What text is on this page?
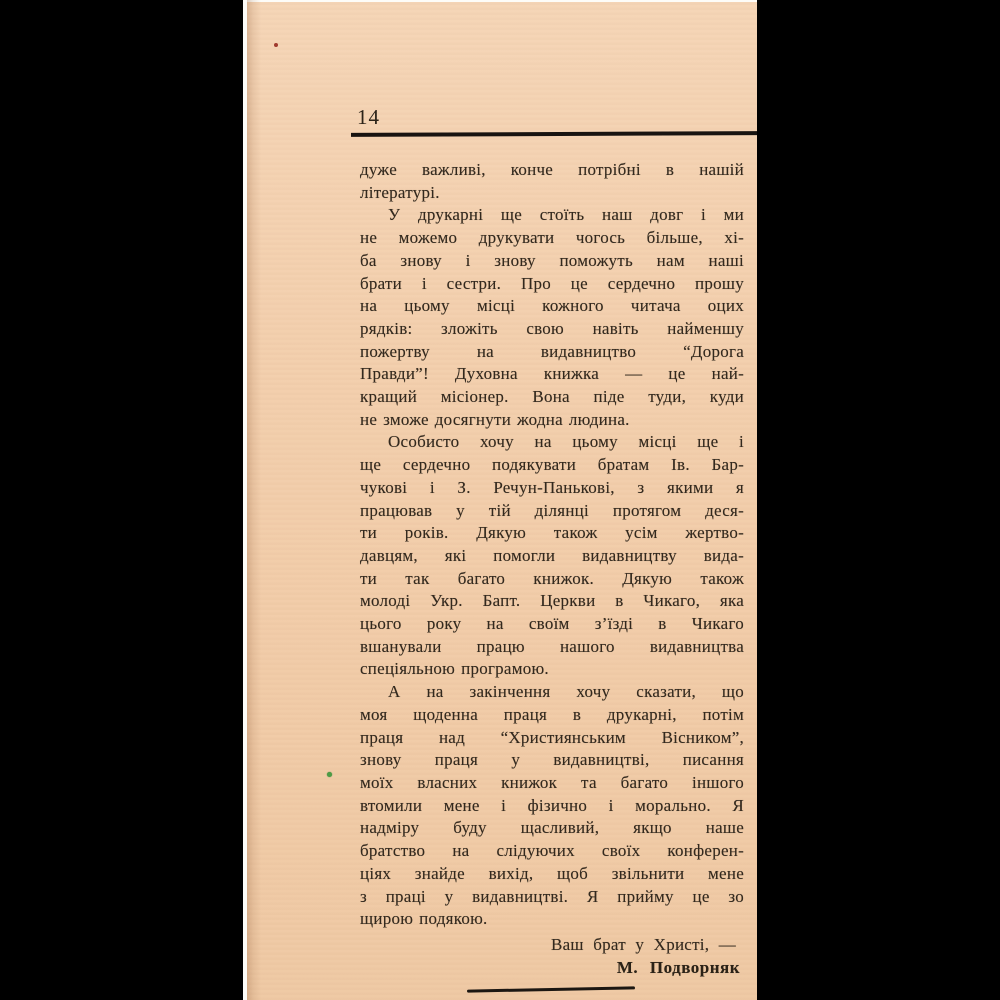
14
дуже важливі, конче потрібні в нашій
літературі.
У друкарні ще стоїть наш довг і ми
не можемо друкувати чогось більше, хі-
ба знову і знову поможуть нам наші
брати і сестри. Про це сердечно прошу
на цьому місці кожного читача оцих
рядків: зложіть свою навіть найменшу
пожертву на видавництво “Дорога
Правди”! Духовна книжка — це най-
кращий місіонер. Вона піде туди, куди
не зможе досягнути жодна людина.
Особисто хочу на цьому місці ще і
ще сердечно подякувати братам Ів. Бар-
чукові і З. Речун-Панькові, з якими я
працював у тій ділянці протягом деся-
ти років. Дякую також усім жертво-
давцям, які помогли видавництву вида-
ти так багато книжок. Дякую також
молоді Укр. Бапт. Церкви в Чикаго, яка
цього року на своїм з’їзді в Чикаго
вшанували працю нашого видавництва
спеціяльною програмою.
А на закінчення хочу сказати, що
моя щоденна праця в друкарні, потім
праця над “Християнським Вісником”,
знову праця у видавництві, писання
моїх власних книжок та багато іншого
втомили мене і фізично і морально. Я
надміру буду щасливий, якщо наше
братство на слідуючих своїх конферен-
ціях знайде вихід, щоб звільнити мене
з праці у видавництві. Я прийму це зо
щирою подякою.
Ваш брат у Христі, —
М. Подворняк
